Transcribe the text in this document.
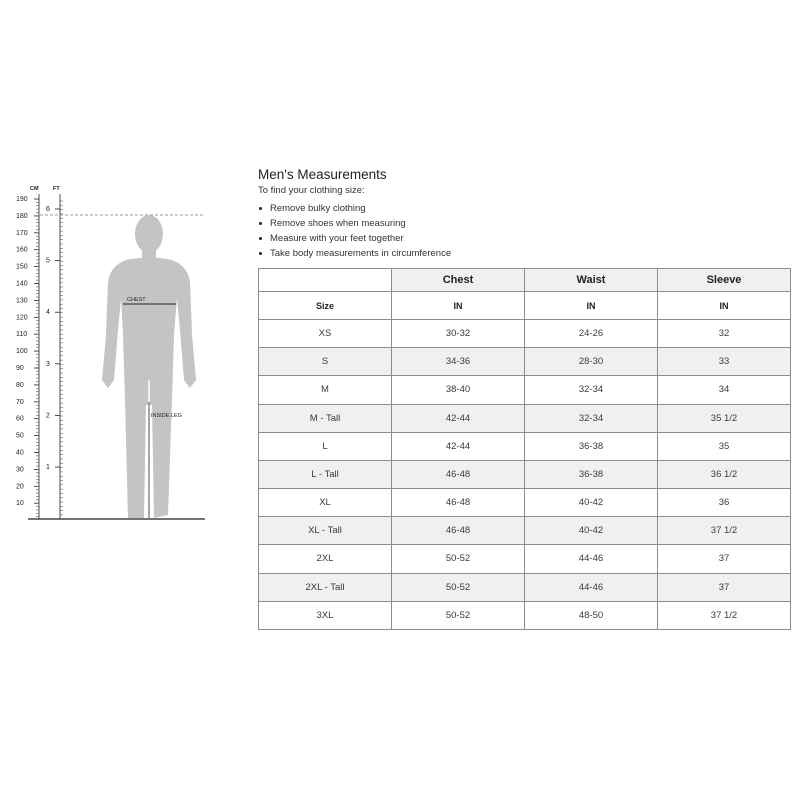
CM	FT
190
180
170
160
150
140
130
120
110
100
90
80
70
60
50
40
30
20
10
6
5
4
3
2
1
CHEST
INSIDE LEG
Men's Measurements
To find your clothing size:
Remove bulky clothing
Remove shoes when measuring
Measure with your feet together
Take body measurements in circumference
	Chest	Waist	Sleeve
Size	IN	IN	IN
XS	30-32	24-26	32
S	34-36	28-30	33
M	38-40	32-34	34
M - Tall	42-44	32-34	35 1/2
L	42-44	36-38	35
L - Tall	46-48	36-38	36 1/2
XL	46-48	40-42	36
XL - Tall	46-48	40-42	37 1/2
2XL	50-52	44-46	37
2XL - Tall	50-52	44-46	37
3XL	50-52	48-50	37 1/2
